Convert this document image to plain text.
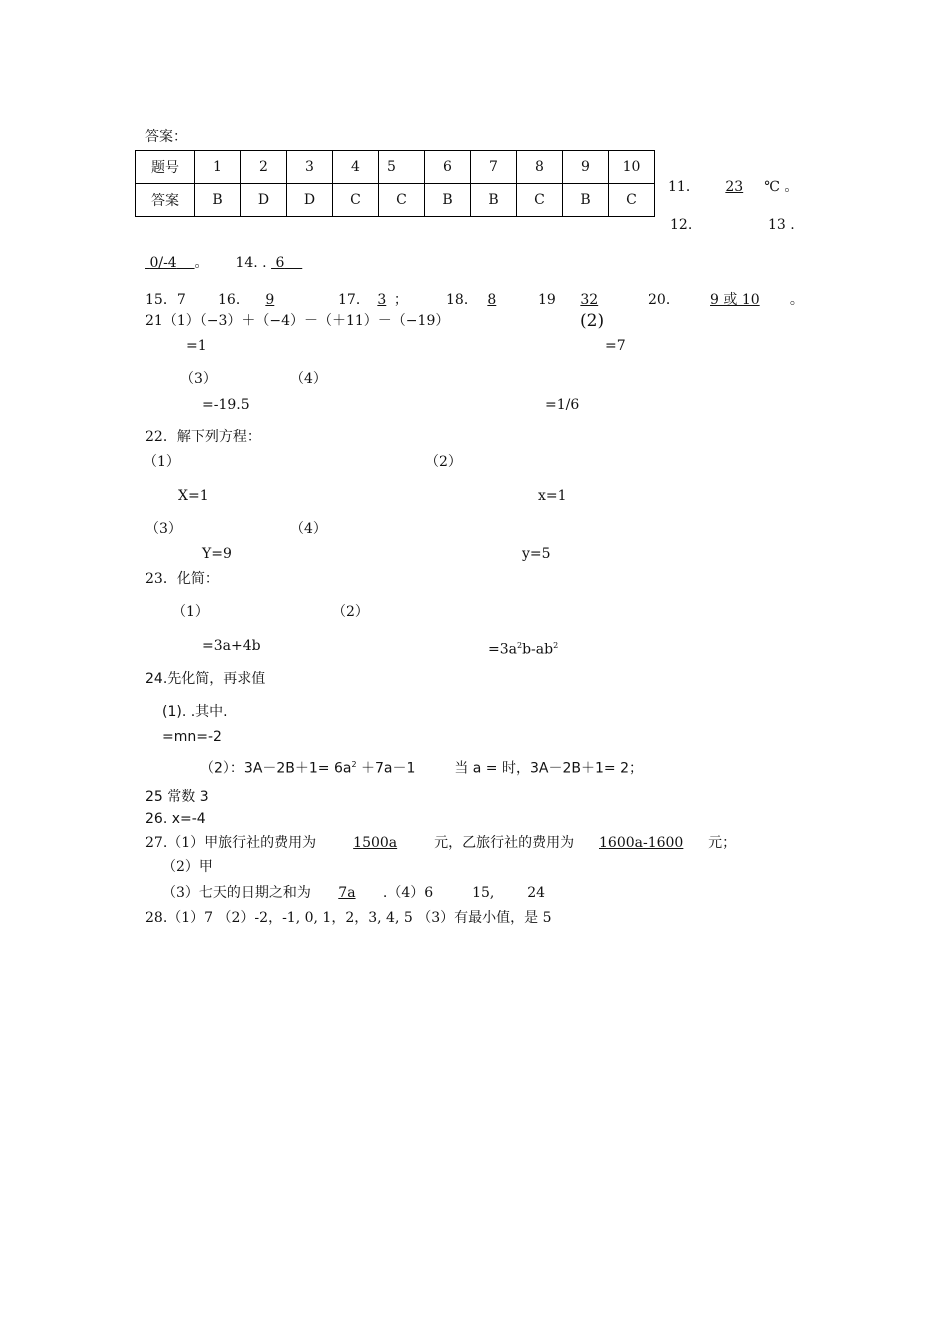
答案：
题号	1	2	3	4	5	6	7	8	9	10
答案	B	D	D	C	C	B	B	C	B	C
11． 23 ℃ 。
12.	13 .
0/-4 。 14. . 6
15．7 16． 9	17． 3 ；	18． 8	19 32	20． 9 或 10 。
21（1）（−3）＋（−4）－（＋11）－（−19）	(2)
=1	=7
（3）	（4）
=-19.5	=1/6
22．解下列方程：
（1）	（2）
X=1	x=1
（3）	（4）
Y=9	y=5
23．化简：
（1）	（2）
=3a+4b	$=3a^2b-ab^2$
24.先化简，再求值
(1). .其中.
=mn=-2
（2）：$3A-2B+1= 6a^2 +7a-1$	当 a = 时，3A－2B＋1= 2；
25 常数 3
26. x=-4
27.（1）甲旅行社的费用为	1500a	元，乙旅行社的费用为 1600a-1600 元；
（2）甲
（3）七天的日期之和为 7a .（4）6	15, 24
28.（1）7 （2）-2，-1, 0, 1，2，3, 4, 5 （3）有最小值，是 5
